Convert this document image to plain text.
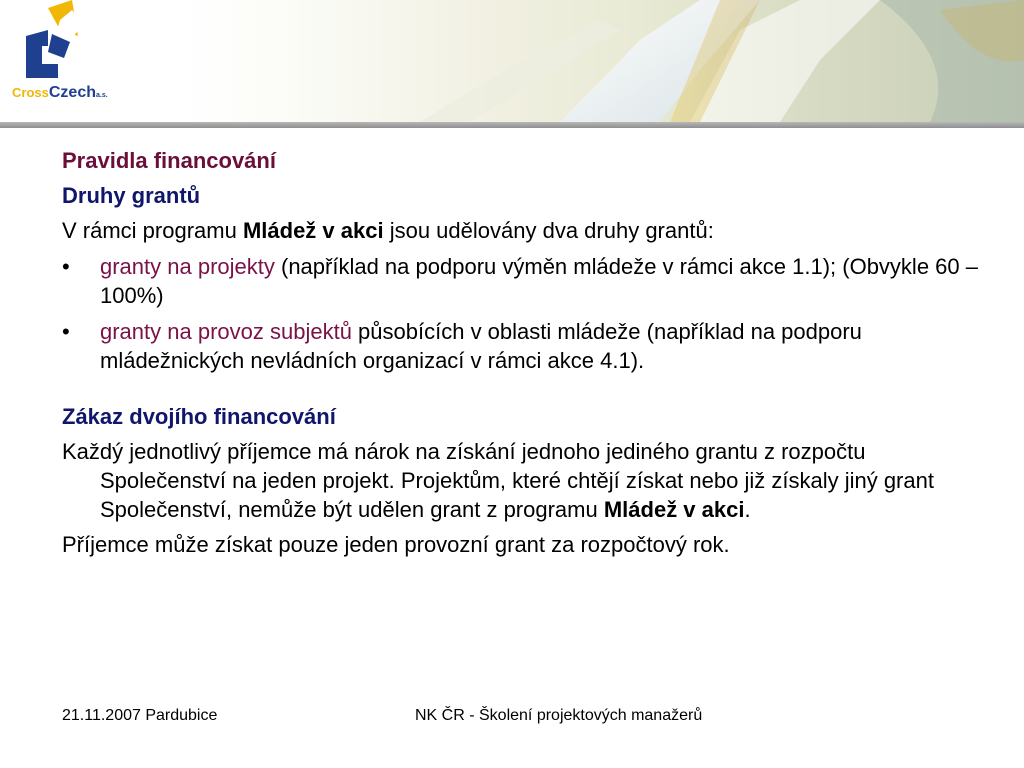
CrossCzecha.s.

Pravidla financování

Druhy grantů

V rámci programu Mládež v akci jsou udělovány dva druhy grantů:

• granty na projekty (například na podporu výměn mládeže v rámci akce 1.1); (Obvykle 60 – 100%)

• granty na provoz subjektů působících v oblasti mládeže (například na podporu mládežnických nevládních organizací v rámci akce 4.1).

Zákaz dvojího financování

Každý jednotlivý příjemce má nárok na získání jednoho jediného grantu z rozpočtu Společenství na jeden projekt. Projektům, které chtějí získat nebo již získaly jiný grant Společenství, nemůže být udělen grant z programu Mládež v akci.

Příjemce může získat pouze jeden provozní grant za rozpočtový rok.

21.11.2007 Pardubice	NK ČR - Školení projektových manažerů
